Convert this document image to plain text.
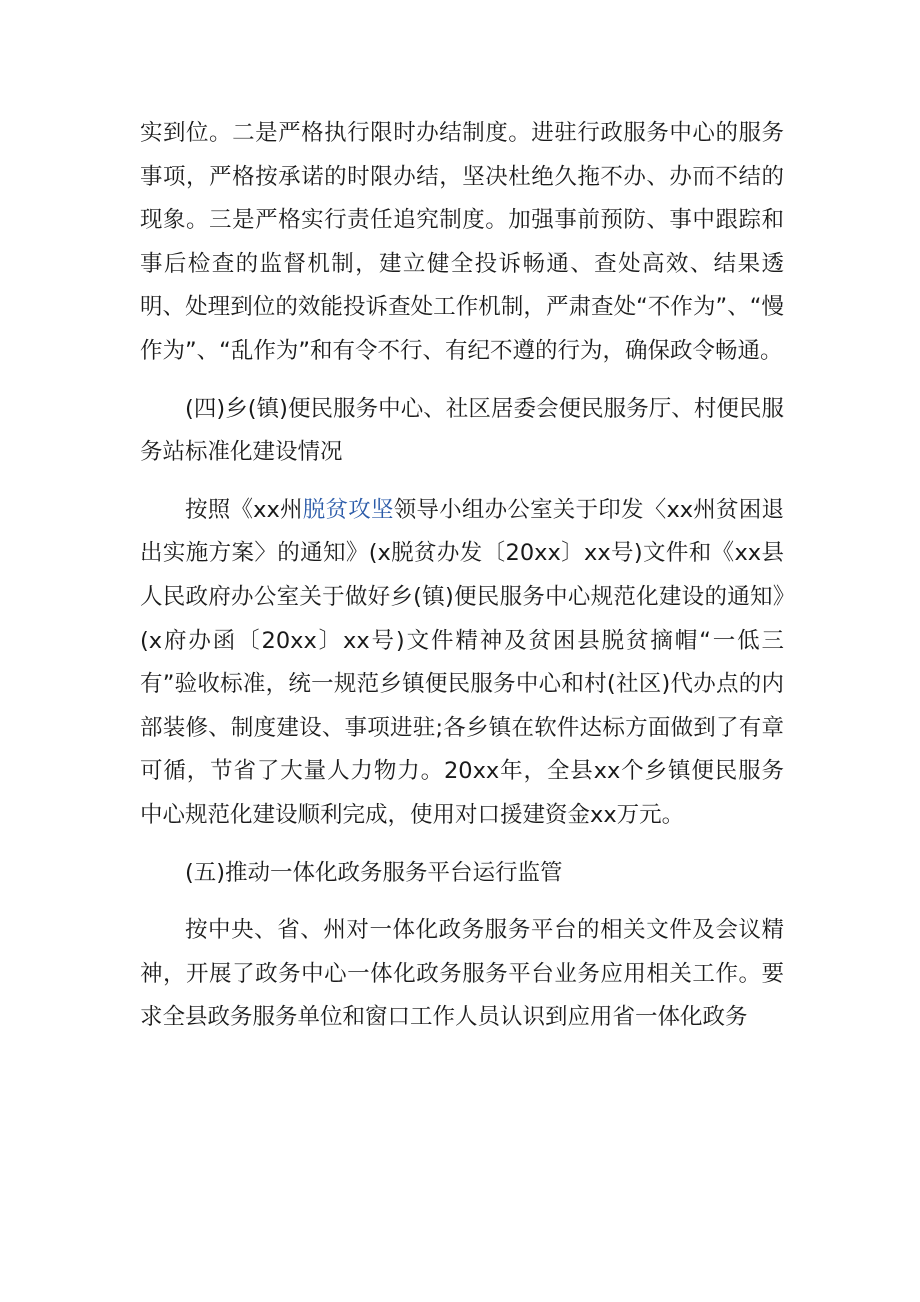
实到位。二是严格执行限时办结制度。进驻行政服务中心的服务事项，严格按承诺的时限办结，坚决杜绝久拖不办、办而不结的现象。三是严格实行责任追究制度。加强事前预防、事中跟踪和事后检查的监督机制，建立健全投诉畅通、查处高效、结果透明、处理到位的效能投诉查处工作机制，严肃查处“不作为”、“慢作为”、“乱作为”和有令不行、有纪不遵的行为，确保政令畅通。

(四)乡(镇)便民服务中心、社区居委会便民服务厅、村便民服务站标准化建设情况

按照《xx州脱贫攻坚领导小组办公室关于印发〈xx州贫困退出实施方案〉的通知》(x脱贫办发〔20xx〕xx号)文件和《xx县人民政府办公室关于做好乡(镇)便民服务中心规范化建设的通知》(x府办函〔20xx〕xx号)文件精神及贫困县脱贫摘帽“一低三有”验收标准，统一规范乡镇便民服务中心和村(社区)代办点的内部装修、制度建设、事项进驻;各乡镇在软件达标方面做到了有章可循，节省了大量人力物力。20xx年，全县xx个乡镇便民服务中心规范化建设顺利完成，使用对口援建资金xx万元。

(五)推动一体化政务服务平台运行监管

按中央、省、州对一体化政务服务平台的相关文件及会议精神，开展了政务中心一体化政务服务平台业务应用相关工作。要求全县政务服务单位和窗口工作人员认识到应用省一体化政务
